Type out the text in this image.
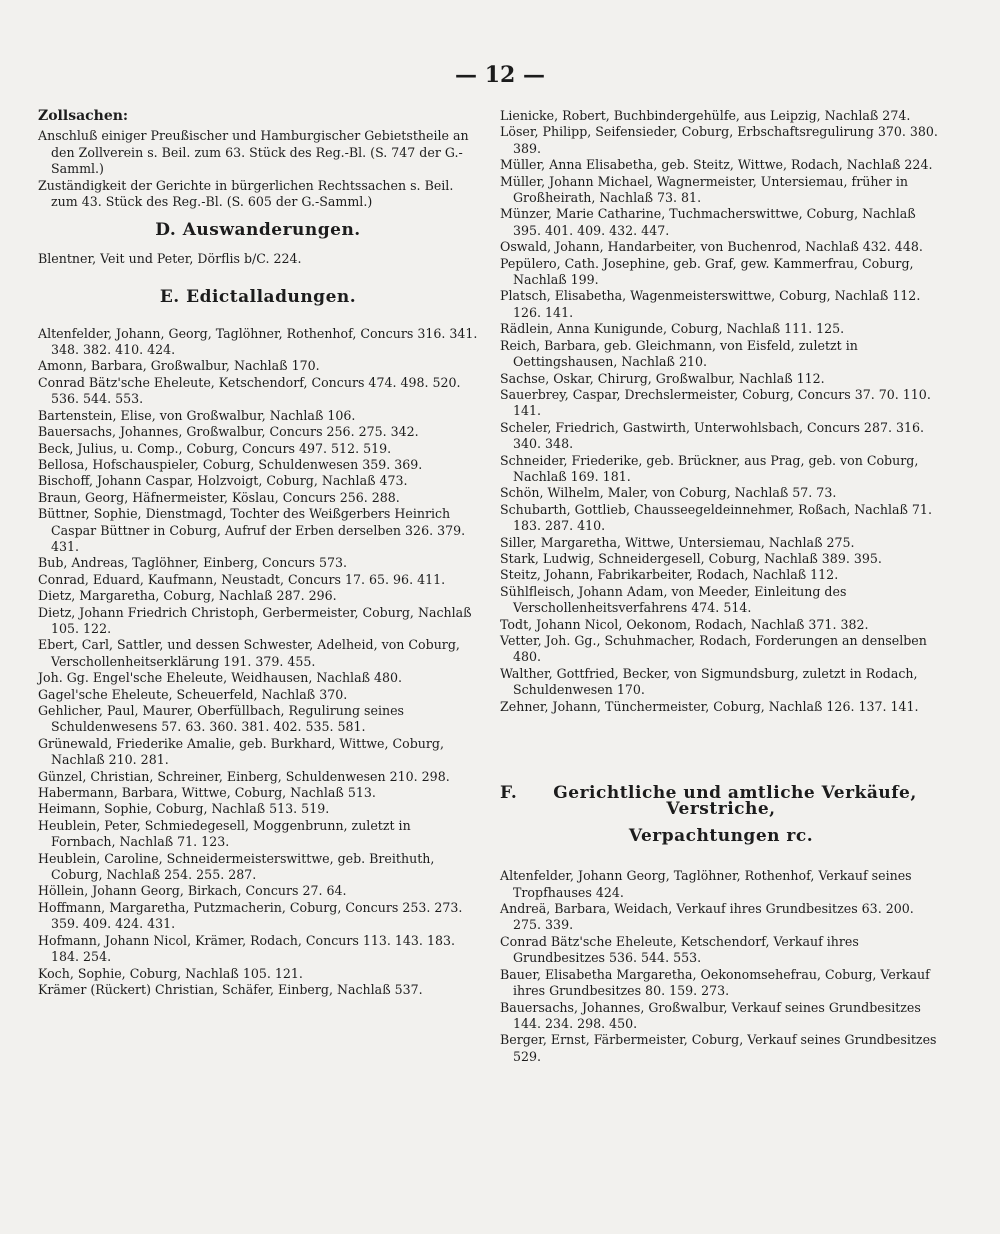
— 12 —
Zollsachen:
Anschluß einiger Preußischer und Hamburgischer Gebietstheile an den Zollverein s. Beil. zum 63. Stück des Reg.-Bl. (S. 747 der G.-Samml.)
Zuständigkeit der Gerichte in bürgerlichen Rechtssachen s. Beil. zum 43. Stück des Reg.-Bl. (S. 605 der G.-Samml.)
D. Auswanderungen.
Blentner, Veit und Peter, Dörflis b/C. 224.
E. Edictalladungen.
Altenfelder, Johann, Georg, Taglöhner, Rothenhof, Concurs 316. 341. 348. 382. 410. 424.
Amonn, Barbara, Großwalbur, Nachlaß 170.
Conrad Bätz'sche Eheleute, Ketschendorf, Concurs 474. 498. 520. 536. 544. 553.
Bartenstein, Elise, von Großwalbur, Nachlaß 106.
Bauersachs, Johannes, Großwalbur, Concurs 256. 275. 342.
Beck, Julius, u. Comp., Coburg, Concurs 497. 512. 519.
Bellosa, Hofschauspieler, Coburg, Schuldenwesen 359. 369.
Bischoff, Johann Caspar, Holzvoigt, Coburg, Nachlaß 473.
Braun, Georg, Häfnermeister, Köslau, Concurs 256. 288.
Büttner, Sophie, Dienstmagd, Tochter des Weißgerbers Heinrich Caspar Büttner in Coburg, Aufruf der Erben derselben 326. 379. 431.
Bub, Andreas, Taglöhner, Einberg, Concurs 573.
Conrad, Eduard, Kaufmann, Neustadt, Concurs 17. 65. 96. 411.
Dietz, Margaretha, Coburg, Nachlaß 287. 296.
Dietz, Johann Friedrich Christoph, Gerbermeister, Coburg, Nachlaß 105. 122.
Ebert, Carl, Sattler, und dessen Schwester, Adelheid, von Coburg, Verschollenheitserklärung 191. 379. 455.
Joh. Gg. Engel'sche Eheleute, Weidhausen, Nachlaß 480.
Gagel'sche Eheleute, Scheuerfeld, Nachlaß 370.
Gehlicher, Paul, Maurer, Oberfüllbach, Regulirung seines Schuldenwesens 57. 63. 360. 381. 402. 535. 581.
Grünewald, Friederike Amalie, geb. Burkhard, Wittwe, Coburg, Nachlaß 210. 281.
Günzel, Christian, Schreiner, Einberg, Schuldenwesen 210. 298.
Habermann, Barbara, Wittwe, Coburg, Nachlaß 513.
Heimann, Sophie, Coburg, Nachlaß 513. 519.
Heublein, Peter, Schmiedegesell, Moggenbrunn, zuletzt in Fornbach, Nachlaß 71. 123.
Heublein, Caroline, Schneidermeisterswittwe, geb. Breithuth, Coburg, Nachlaß 254. 255. 287.
Höllein, Johann Georg, Birkach, Concurs 27. 64.
Hoffmann, Margaretha, Putzmacherin, Coburg, Concurs 253. 273. 359. 409. 424. 431.
Hofmann, Johann Nicol, Krämer, Rodach, Concurs 113. 143. 183. 184. 254.
Koch, Sophie, Coburg, Nachlaß 105. 121.
Krämer (Rückert) Christian, Schäfer, Einberg, Nachlaß 537.
Lienicke, Robert, Buchbindergehülfe, aus Leipzig, Nachlaß 274.
Löser, Philipp, Seifensieder, Coburg, Erbschaftsregulirung 370. 380. 389.
Müller, Anna Elisabetha, geb. Steitz, Wittwe, Rodach, Nachlaß 224.
Müller, Johann Michael, Wagnermeister, Untersiemau, früher in Großheirath, Nachlaß 73. 81.
Münzer, Marie Catharine, Tuchmacherswittwe, Coburg, Nachlaß 395. 401. 409. 432. 447.
Oswald, Johann, Handarbeiter, von Buchenrod, Nachlaß 432. 448.
Pepülero, Cath. Josephine, geb. Graf, gew. Kammerfrau, Coburg, Nachlaß 199.
Platsch, Elisabetha, Wagenmeisterswittwe, Coburg, Nachlaß 112. 126. 141.
Rädlein, Anna Kunigunde, Coburg, Nachlaß 111. 125.
Reich, Barbara, geb. Gleichmann, von Eisfeld, zuletzt in Oettingshausen, Nachlaß 210.
Sachse, Oskar, Chirurg, Großwalbur, Nachlaß 112.
Sauerbrey, Caspar, Drechslermeister, Coburg, Concurs 37. 70. 110. 141.
Scheler, Friedrich, Gastwirth, Unterwohlsbach, Concurs 287. 316. 340. 348.
Schneider, Friederike, geb. Brückner, aus Prag, geb. von Coburg, Nachlaß 169. 181.
Schön, Wilhelm, Maler, von Coburg, Nachlaß 57. 73.
Schubarth, Gottlieb, Chausseegeldeinnehmer, Roßach, Nachlaß 71. 183. 287. 410.
Siller, Margaretha, Wittwe, Untersiemau, Nachlaß 275.
Stark, Ludwig, Schneidergesell, Coburg, Nachlaß 389. 395.
Steitz, Johann, Fabrikarbeiter, Rodach, Nachlaß 112.
Sühlfleisch, Johann Adam, von Meeder, Einleitung des Verschollenheitsverfahrens 474. 514.
Todt, Johann Nicol, Oekonom, Rodach, Nachlaß 371. 382.
Vetter, Joh. Gg., Schuhmacher, Rodach, Forderungen an denselben 480.
Walther, Gottfried, Becker, von Sigmundsburg, zuletzt in Rodach, Schuldenwesen 170.
Zehner, Johann, Tünchermeister, Coburg, Nachlaß 126. 137. 141.
F.	Gerichtliche und amtliche Verkäufe, Verstriche,
Verpachtungen rc.
Altenfelder, Johann Georg, Taglöhner, Rothenhof, Verkauf seines Tropfhauses 424.
Andreä, Barbara, Weidach, Verkauf ihres Grundbesitzes 63. 200. 275. 339.
Conrad Bätz'sche Eheleute, Ketschendorf, Verkauf ihres Grundbesitzes 536. 544. 553.
Bauer, Elisabetha Margaretha, Oekonomsehefrau, Coburg, Verkauf ihres Grundbesitzes 80. 159. 273.
Bauersachs, Johannes, Großwalbur, Verkauf seines Grundbesitzes 144. 234. 298. 450.
Berger, Ernst, Färbermeister, Coburg, Verkauf seines Grundbesitzes 529.
